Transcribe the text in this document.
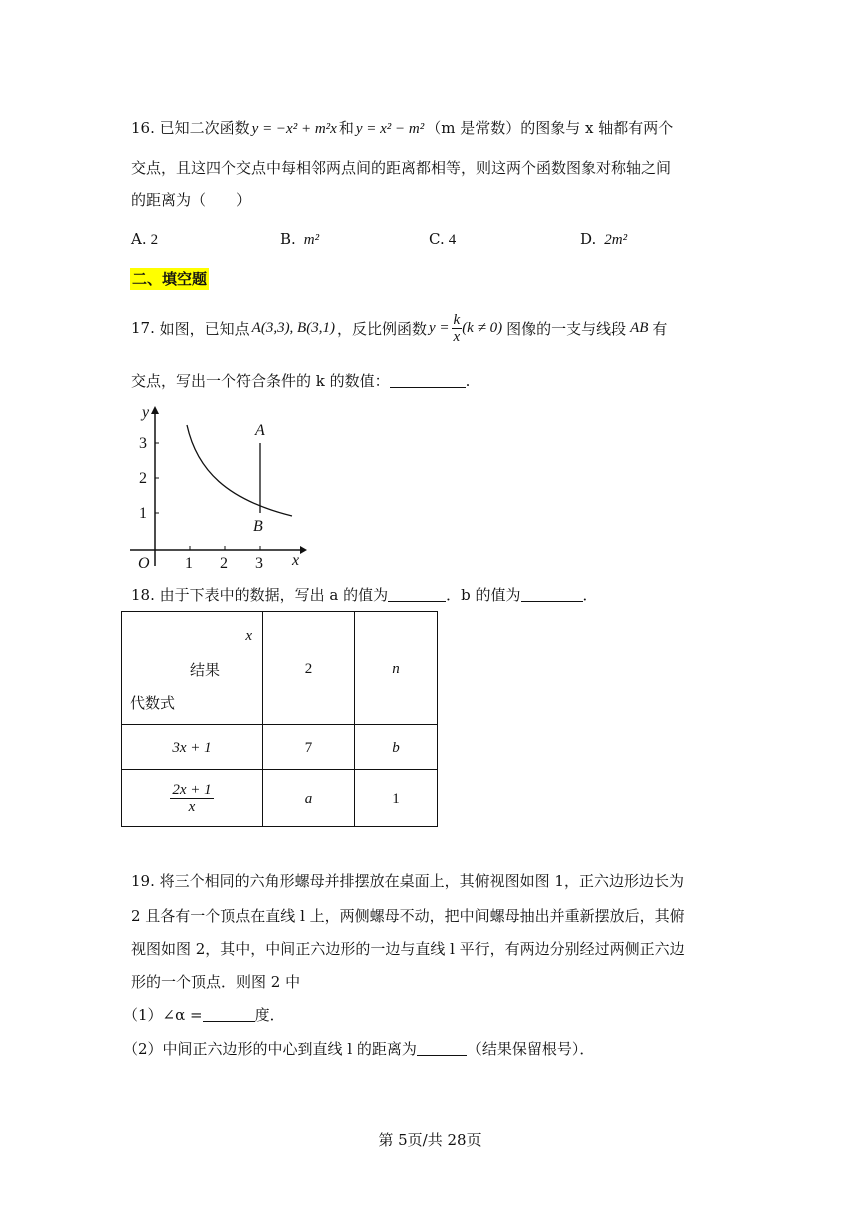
16. 已知二次函数 y = −x² + m²x 和 y = x² − m² （m 是常数）的图象与 x 轴都有两个
交点，且这四个交点中每相邻两点间的距离都相等，则这两个函数图象对称轴之间
的距离为（　　）
A. 2	B. m²	C. 4	D. 2m²
二、填空题
17.
如图，已知点 A(3,3), B(3,1) ，反比例函数 $y = \frac{k}{x} (k \ne 0)$ 图像的一支与线段 AB 有
交点，写出一个符合条件的 k 的数值：	.
y
x
O 1 2 3
1
2
3
A
B
18. 由于下表中的数据，写出 a 的值为	．b 的值为	．
x
结果
代数式	2	n
3x + 1	7	b

$\frac{2x + 1}{x}$	a	1
19. 将三个相同的六角形螺母并排摆放在桌面上，其俯视图如图 1，正六边形边长为
2 且各有一个顶点在直线 l 上，两侧螺母不动，把中间螺母抽出并重新摆放后，其俯
视图如图 2，其中，中间正六边形的一边与直线 l 平行，有两边分别经过两侧正六边
形的一个顶点．则图 2 中
（1）∠α =	度．
（2）中间正六边形的中心到直线 l 的距离为	（结果保留根号）．
第 5页/共 28页
